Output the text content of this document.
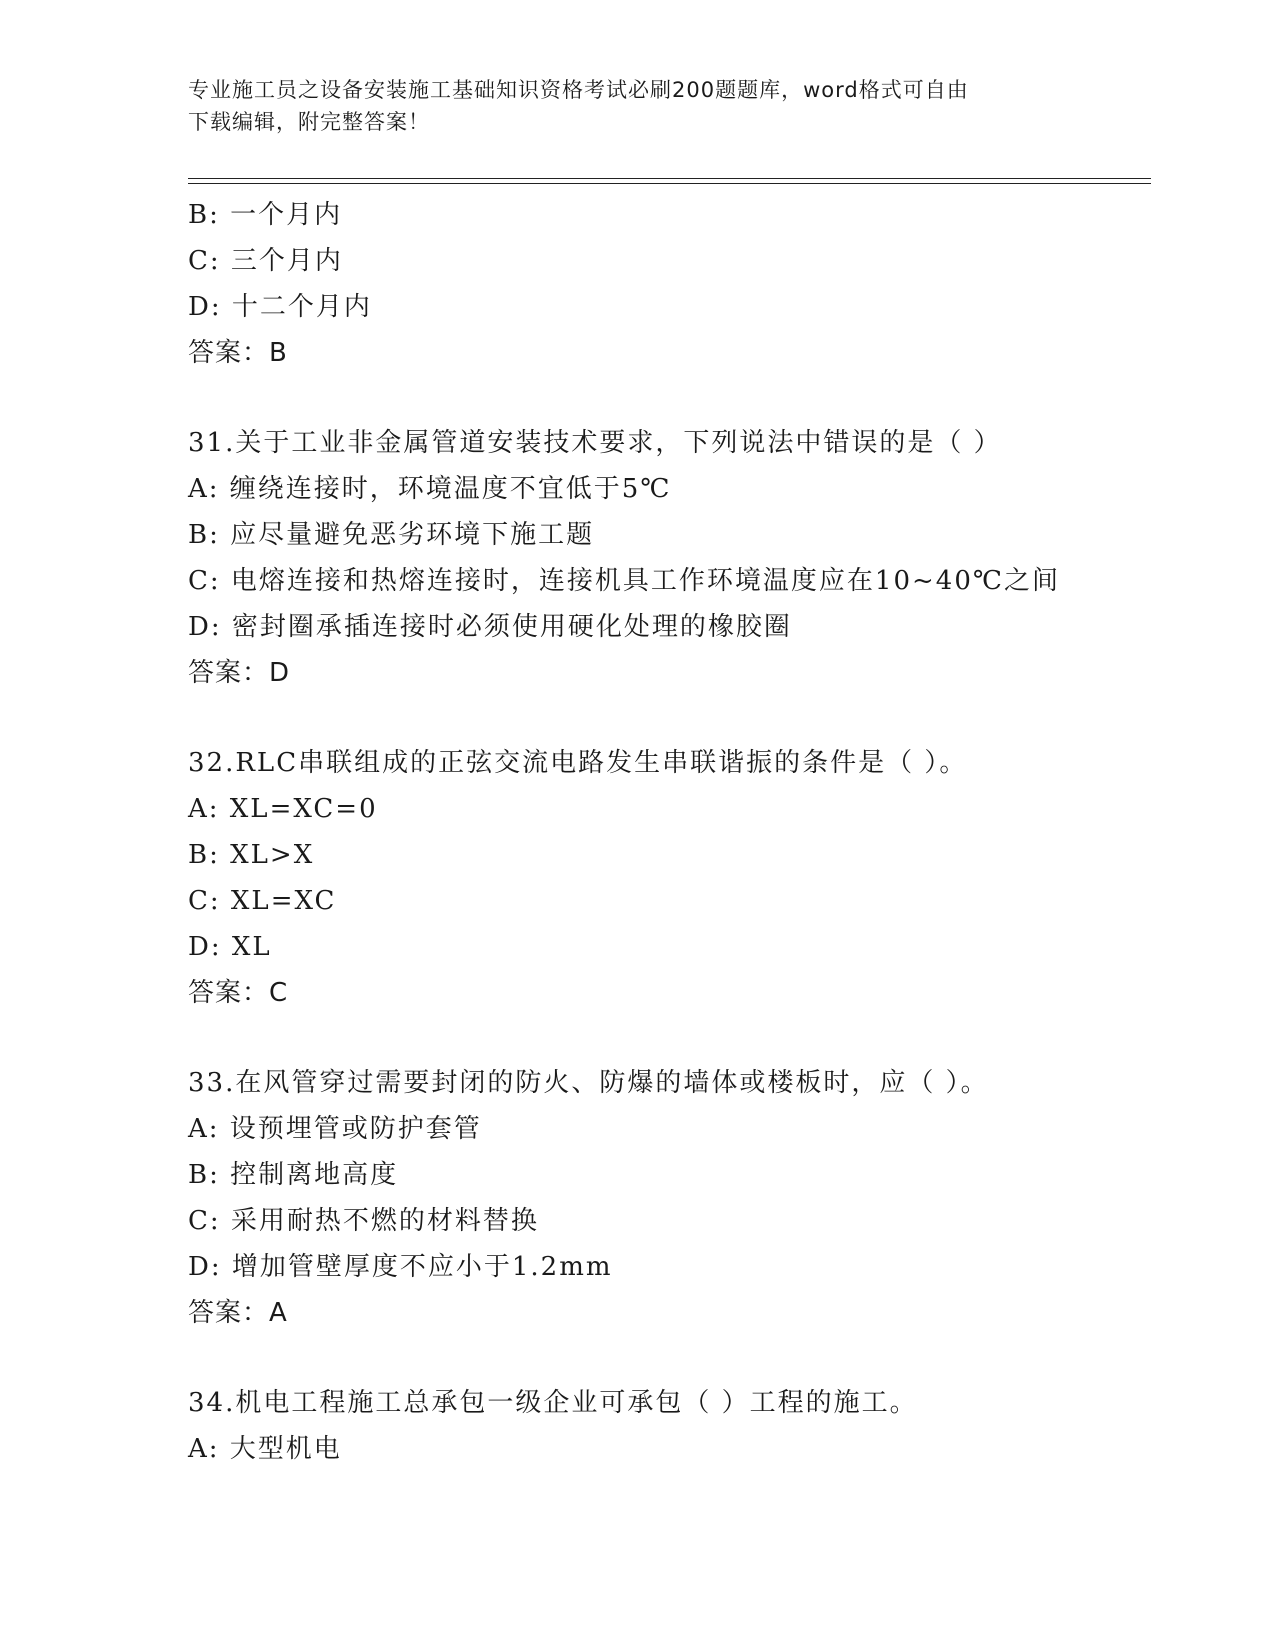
专业施工员之设备安装施工基础知识资格考试必刷200题题库，word格式可自由
下载编辑，附完整答案！
B: 一个月内
C: 三个月内
D: 十二个月内
答案：B
31.关于工业非金属管道安装技术要求，下列说法中错误的是（ ）
A: 缠绕连接时，环境温度不宜低于5℃
B: 应尽量避免恶劣环境下施工题
C: 电熔连接和热熔连接时，连接机具工作环境温度应在10~40℃之间
D: 密封圈承插连接时必须使用硬化处理的橡胶圈
答案：D
32.RLC串联组成的正弦交流电路发生串联谐振的条件是（ ）。
A: XL=XC=0
B: XL>X
C: XL=XC
D: XL
答案：C
33.在风管穿过需要封闭的防火、防爆的墙体或楼板时，应（ ）。
A: 设预埋管或防护套管
B: 控制离地高度
C: 采用耐热不燃的材料替换
D: 增加管壁厚度不应小于1.2mm
答案：A
34.机电工程施工总承包一级企业可承包（ ）工程的施工。
A: 大型机电
